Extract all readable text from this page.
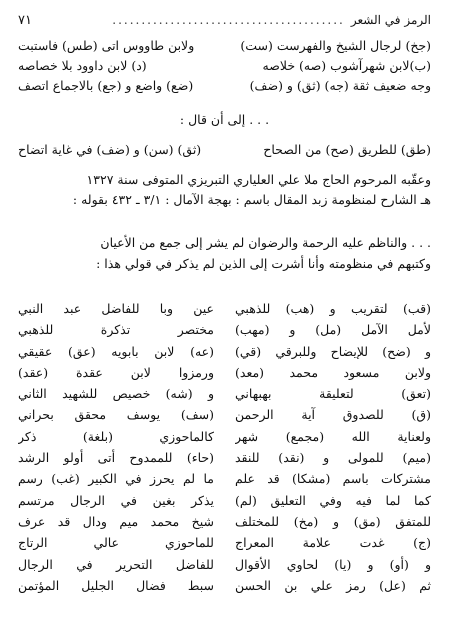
الرمز في الشعر
........................................
٧١
(جخ) لرجال الشيخ والفهرست (ست)
ولابن طاووس اتى (طس) فاستبت
(ب)لابن شهرآشوب (صه) خلاصه
(د) لابن داوود بلا خصاصه
وجه ضعيف ثقة (جه) (ثق) و (ضف)
(ضع) واضع و (جع) بالاجماع اتصف
. . . إلى أن قال :
(طق) للطريق (صح) من الصحاح
(ثق) (سن) و (ضف) في غاية اتضاح
وعقّبه المرحوم الحاج ملا علي العلياري التبريزي المتوفى سنة ١٣٢٧
هـ الشارح لمنظومة زبد المقال باسم : بهجة الآمال : ٣/١ ـ ٤٣٢ بقوله :
. . . والناظم عليه الرحمة والرضوان لم يشر إلى جمع من الأعيان
وكتبهم في منظومته وأنا أشرت إلى الذين لم يذكر في قولي هذا :
(قب) لتقريب و (هب) للذهبي
لأمل الآمل (مل) و (مهب)
و (ضح) للإيضاح وللبرقي (قي)
ولابن مسعود محمد (معد)
(تعق) لتعليقة بهبهاني
(ق) للصدوق آية الرحمن
ولعناية الله (مجمع) شهر
(ميم) للمولى و (نقد) للنقد
مشتركات باسم (مشكا) قد علم
كما لما فيه وفي التعليق (لم)
للمتفق (مق) و (مخ) للمختلف
(ج) غدت علامة المعراج
و (أو) و (يا) لحاوي الأقوال
ثم (عل) رمز علي بن الحسن
عين وبا للفاضل عبد النبي
مختصر تذكرة للذهبي
(عه) لابن بابويه (عق) عقيقي
ورمزوا لابن عقدة (عقد)
و (شه) خصيص للشهيد الثاني
(سف) يوسف محقق بحراني
كالماحوزي (بلغة) ذكر
(حاء) للممدوح أتى أولو الرشد
ما لم يحرز في الكبير (غب) رسم
يذكر بغين في الرجال مرتسم
شيخ محمد ميم ودال قد عرف
للماحوزي عالي الرتاج
للفاضل التحرير في الرجال
سبط فضال الجليل المؤتمن
